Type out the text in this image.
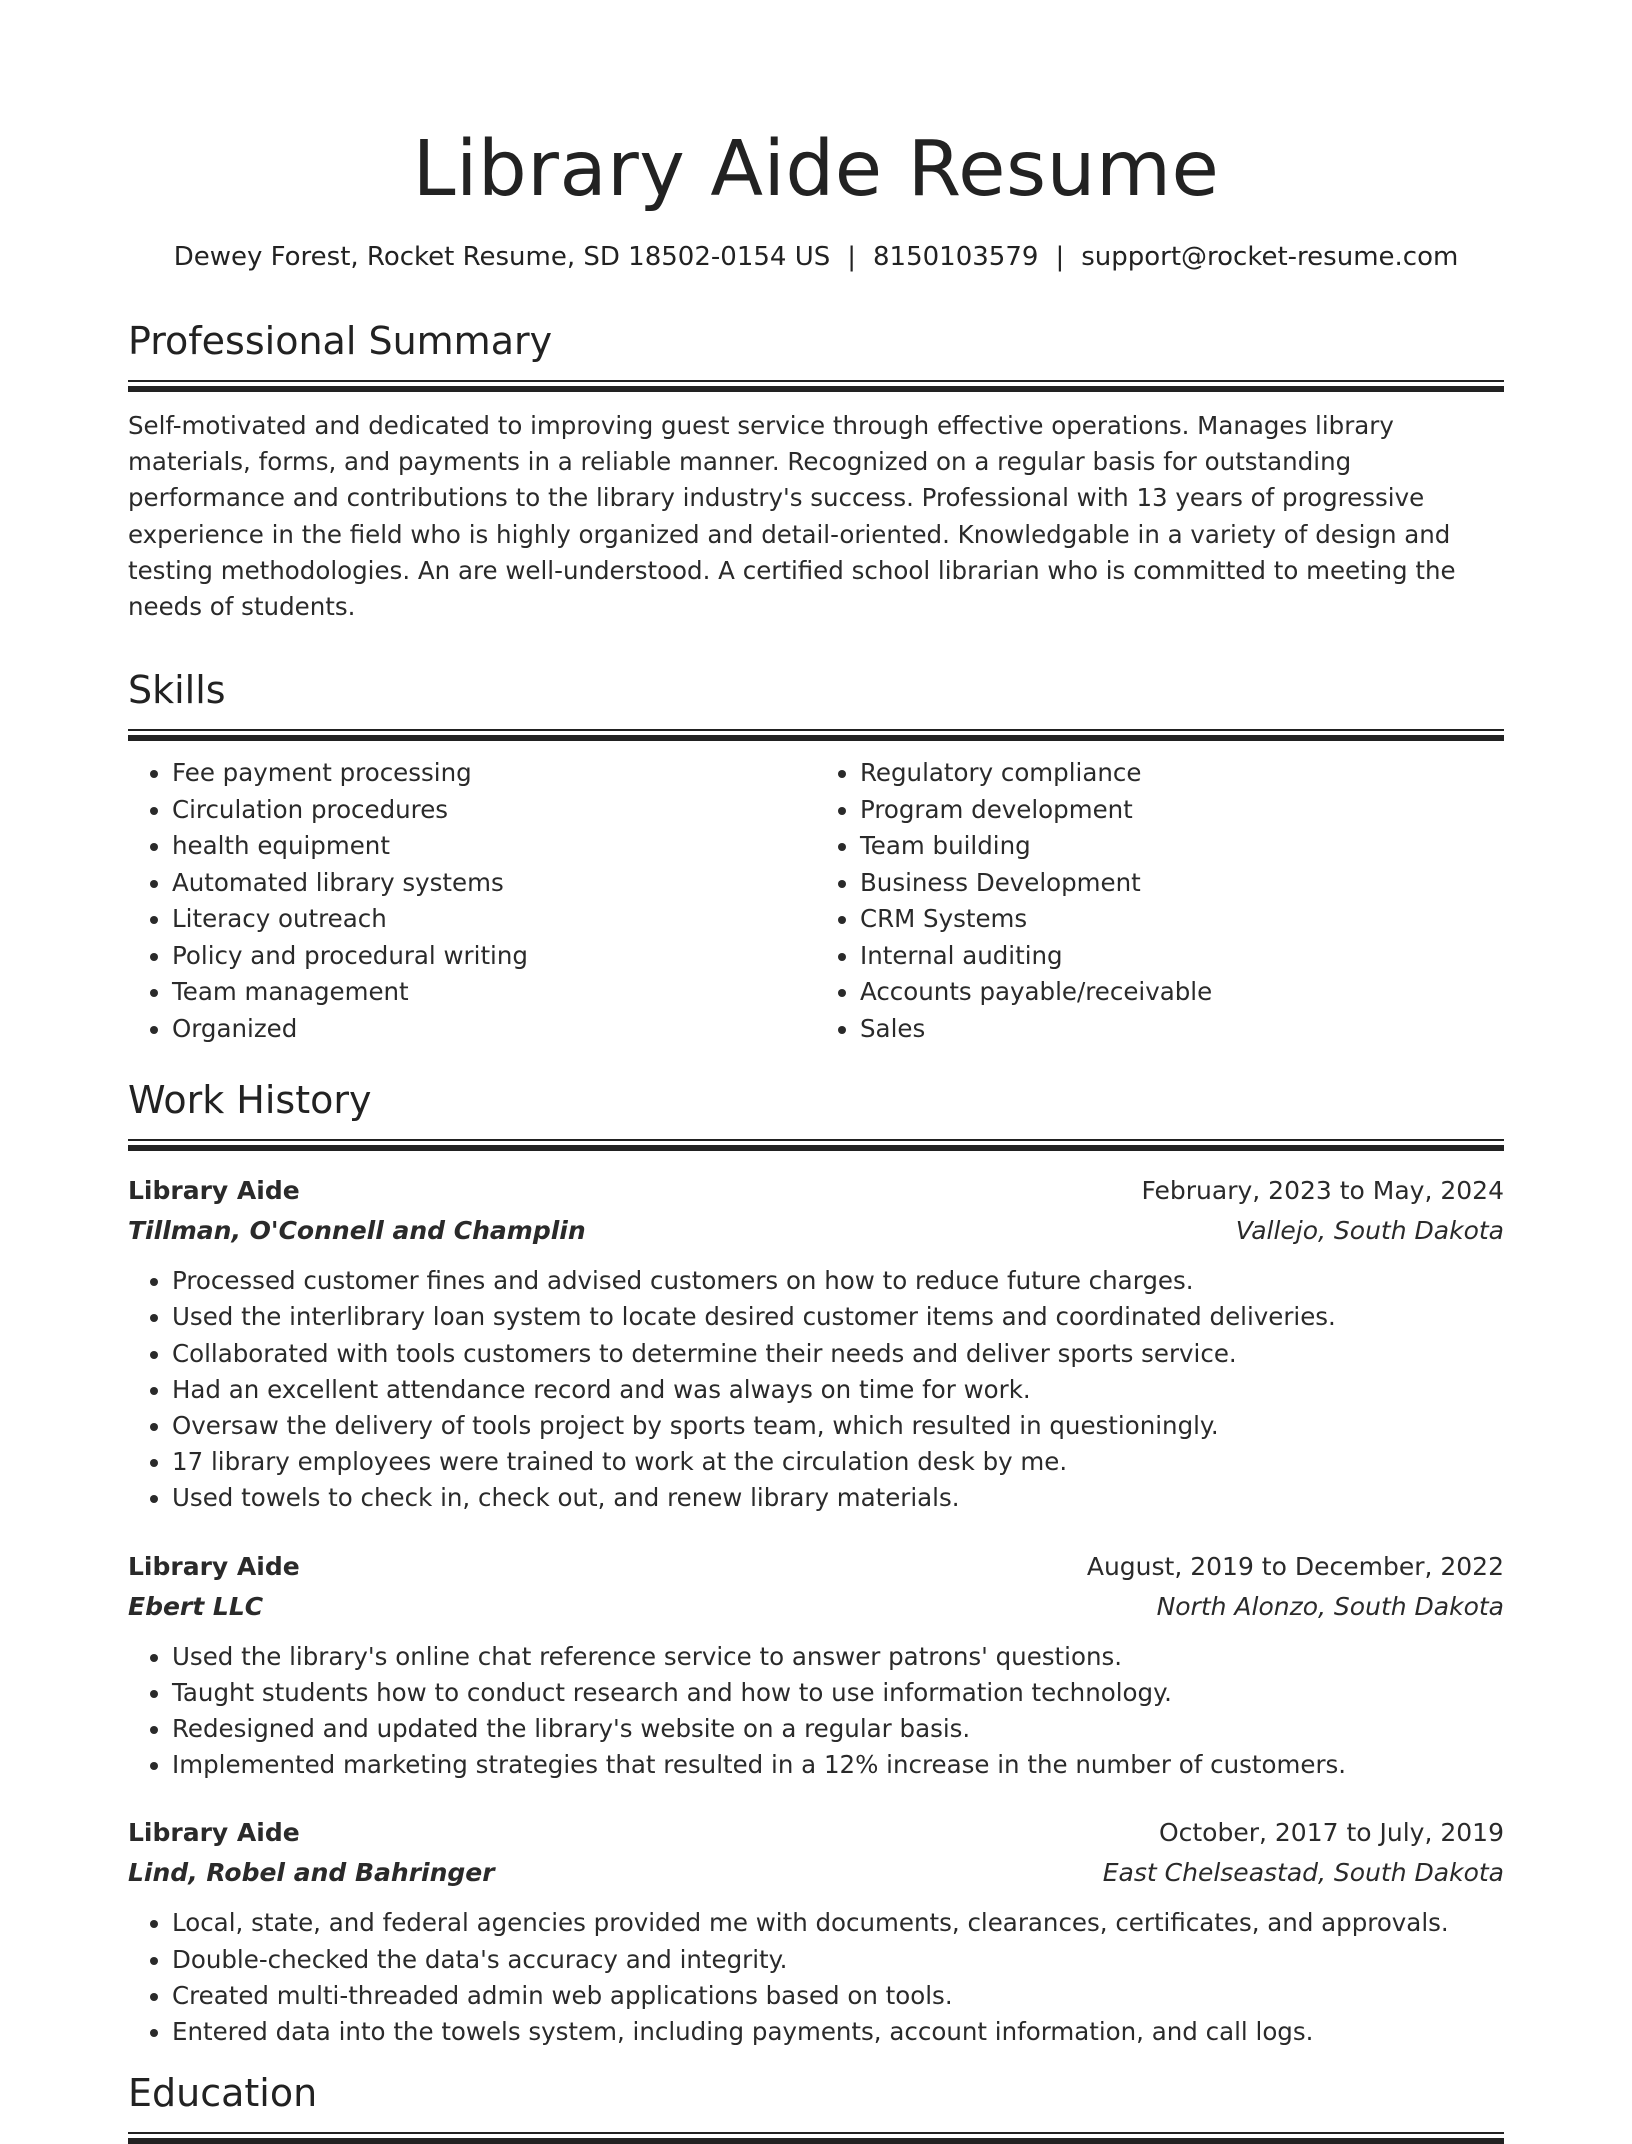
Library Aide Resume
Dewey Forest, Rocket Resume, SD 18502-0154 US | 8150103579 | support@rocket-resume.com
Professional Summary

Self-motivated and dedicated to improving guest service through effective operations. Manages library materials, forms, and payments in a reliable manner. Recognized on a regular basis for outstanding performance and contributions to the library industry's success. Professional with 13 years of progressive experience in the field who is highly organized and detail-oriented. Knowledgable in a variety of design and testing methodologies. An are well-understood. A certified school librarian who is committed to meeting the needs of students.

Skills
• Fee payment processing
• Circulation procedures
• health equipment
• Automated library systems
• Literacy outreach
• Policy and procedural writing
• Team management
• Organized
• Regulatory compliance
• Program development
• Team building
• Business Development
• CRM Systems
• Internal auditing
• Accounts payable/receivable
• Sales
Work History
Library Aide	February, 2023 to May, 2024
Tillman, O'Connell and Champlin	Vallejo, South Dakota
• Processed customer fines and advised customers on how to reduce future charges.
• Used the interlibrary loan system to locate desired customer items and coordinated deliveries.
• Collaborated with tools customers to determine their needs and deliver sports service.
• Had an excellent attendance record and was always on time for work.
• Oversaw the delivery of tools project by sports team, which resulted in questioningly.
• 17 library employees were trained to work at the circulation desk by me.
• Used towels to check in, check out, and renew library materials.
Library Aide	August, 2019 to December, 2022
Ebert LLC	North Alonzo, South Dakota
• Used the library's online chat reference service to answer patrons' questions.
• Taught students how to conduct research and how to use information technology.
• Redesigned and updated the library's website on a regular basis.
• Implemented marketing strategies that resulted in a 12% increase in the number of customers.
Library Aide	October, 2017 to July, 2019
Lind, Robel and Bahringer	East Chelseastad, South Dakota
• Local, state, and federal agencies provided me with documents, clearances, certificates, and approvals.
• Double-checked the data's accuracy and integrity.
• Created multi-threaded admin web applications based on tools.
• Entered data into the towels system, including payments, account information, and call logs.
Education
